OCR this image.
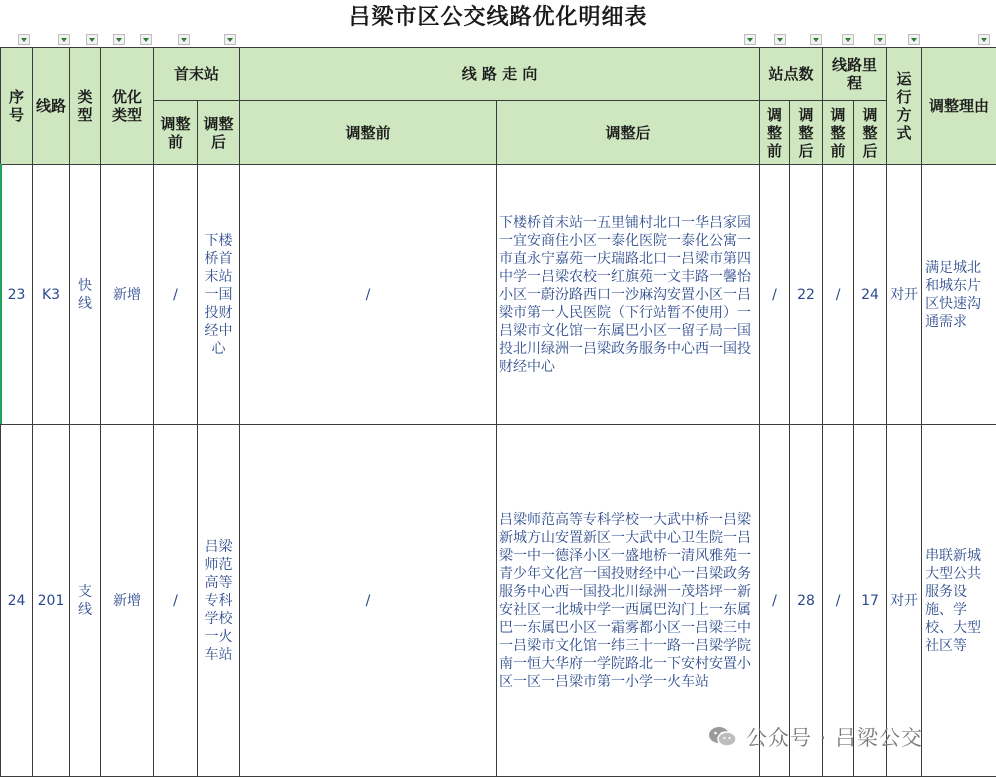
吕梁市区公交线路优化明细表
序号	线路	类型	优化类型	首末站		线 路 走 向		站点数		线路里程		运行方式	调整理由
				调整前	调整后	调整前	调整后	调整前	调整后	调整前	调整后		
23	K3	快线	新增	/	下楼桥首末站一国投财经中心	/	下楼桥首末站一五里铺村北口一华吕家园一宜安商住小区一泰化医院一泰化公寓一市直永宁嘉苑一庆瑞路北口一吕梁市第四中学一吕梁农校一红旗苑一文丰路一馨怡小区一蔚汾路西口一沙麻沟安置小区一吕梁市第一人民医院（下行站暂不使用）一吕梁市文化馆一东属巴小区一留子局一国投北川绿洲一吕梁政务服务中心西一国投财经中心	/	22	/	24	对开	满足城北和城东片区快速沟通需求
24	201	支线	新增	/	吕梁师范高等专科学校一火车站	/	吕梁师范高等专科学校一大武中桥一吕梁新城方山安置新区一大武中心卫生院一吕梁一中一德泽小区一盛地桥一清风雅苑一青少年文化宫一国投财经中心一吕梁政务服务中心西一国投北川绿洲一茂塔坪一新安社区一北城中学一西属巴沟门上一东属巴一东属巴小区一霜雾都小区一吕梁三中一吕梁市文化馆一纬三十一路一吕梁学院南一恒大华府一学院路北一下安村安置小区一区一吕梁市第一小学一火车站	/	28	/	17	对开	串联新城大型公共服务设施、学校、大型社区等
公众号 · 吕梁公交
